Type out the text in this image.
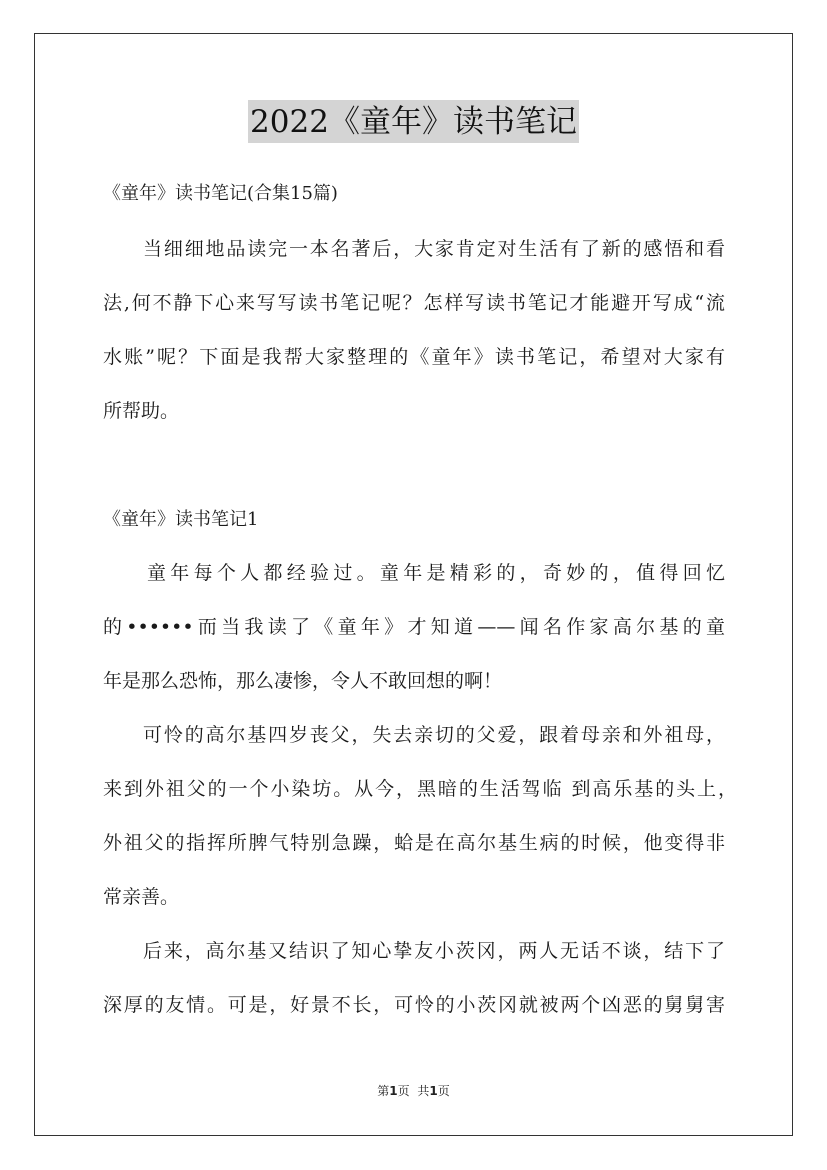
2022《童年》读书笔记
《童年》读书笔记(合集15篇)
当细细地品读完一本名著后，大家肯定对生活有了新的感悟和看
法,何不静下心来写写读书笔记呢？怎样写读书笔记才能避开写成“流
水账”呢？下面是我帮大家整理的《童年》读书笔记，希望对大家有
所帮助。
《童年》读书笔记1
童年每个人都经验过。童年是精彩的，奇妙的，值得回忆
的••••••而当我读了《童年》才知道——闻名作家高尔基的童
年是那么恐怖，那么凄惨，令人不敢回想的啊！
可怜的高尔基四岁丧父，失去亲切的父爱，跟着母亲和外祖母，
来到外祖父的一个小染坊。从今，黑暗的生活驾临 到高乐基的头上，
外祖父的指挥所脾气特别急躁，蛤是在高尔基生病的时候，他变得非
常亲善。
后来，高尔基又结识了知心挚友小茨冈，两人无话不谈，结下了
深厚的友情。可是，好景不长，可怜的小茨冈就被两个凶恶的舅舅害
第1页 共1页
